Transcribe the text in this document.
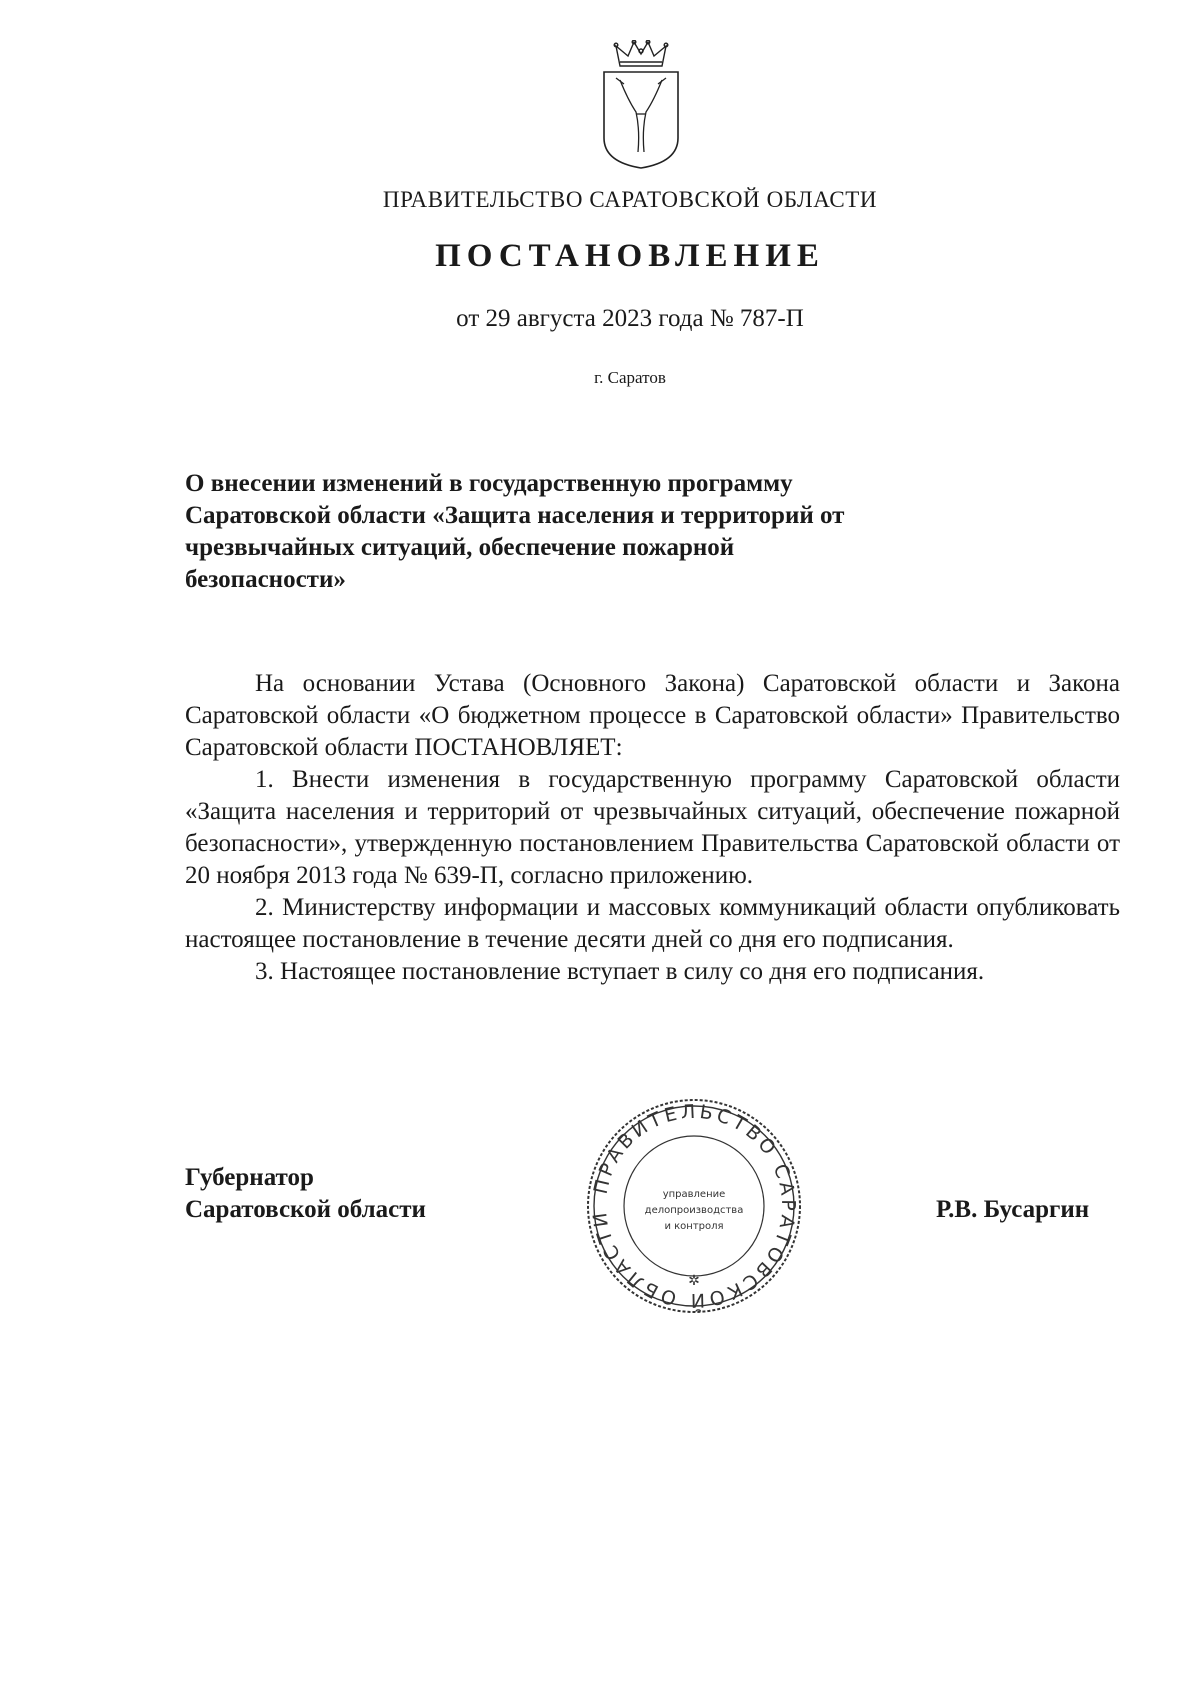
ПРАВИТЕЛЬСТВО САРАТОВСКОЙ ОБЛАСТИ
ПОСТАНОВЛЕНИЕ
от 29 августа 2023 года № 787-П
г. Саратов
О внесении изменений в государственную программу Саратовской области «Защита населения и территорий от чрезвычайных ситуаций, обеспечение пожарной безопасности»

На основании Устава (Основного Закона) Саратовской области и Закона Саратовской области «О бюджетном процессе в Саратовской области» Правительство Саратовской области ПОСТАНОВЛЯЕТ:

1. Внести изменения в государственную программу Саратовской области «Защита населения и территорий от чрезвычайных ситуаций, обеспечение пожарной безопасности», утвержденную постановлением Правительства Саратовской области от 20 ноября 2013 года № 639-П, согласно приложению.

2. Министерству информации и массовых коммуникаций области опубликовать настоящее постановление в течение десяти дней со дня его подписания.

3. Настоящее постановление вступает в силу со дня его подписания.

Губернатор
Саратовской области
ПРАВИТЕЛЬСТВО САРАТОВСКОЙ ОБЛАСТИ
управление
делопроизводства
и контроля
✲
Р.В. Бусаргин
